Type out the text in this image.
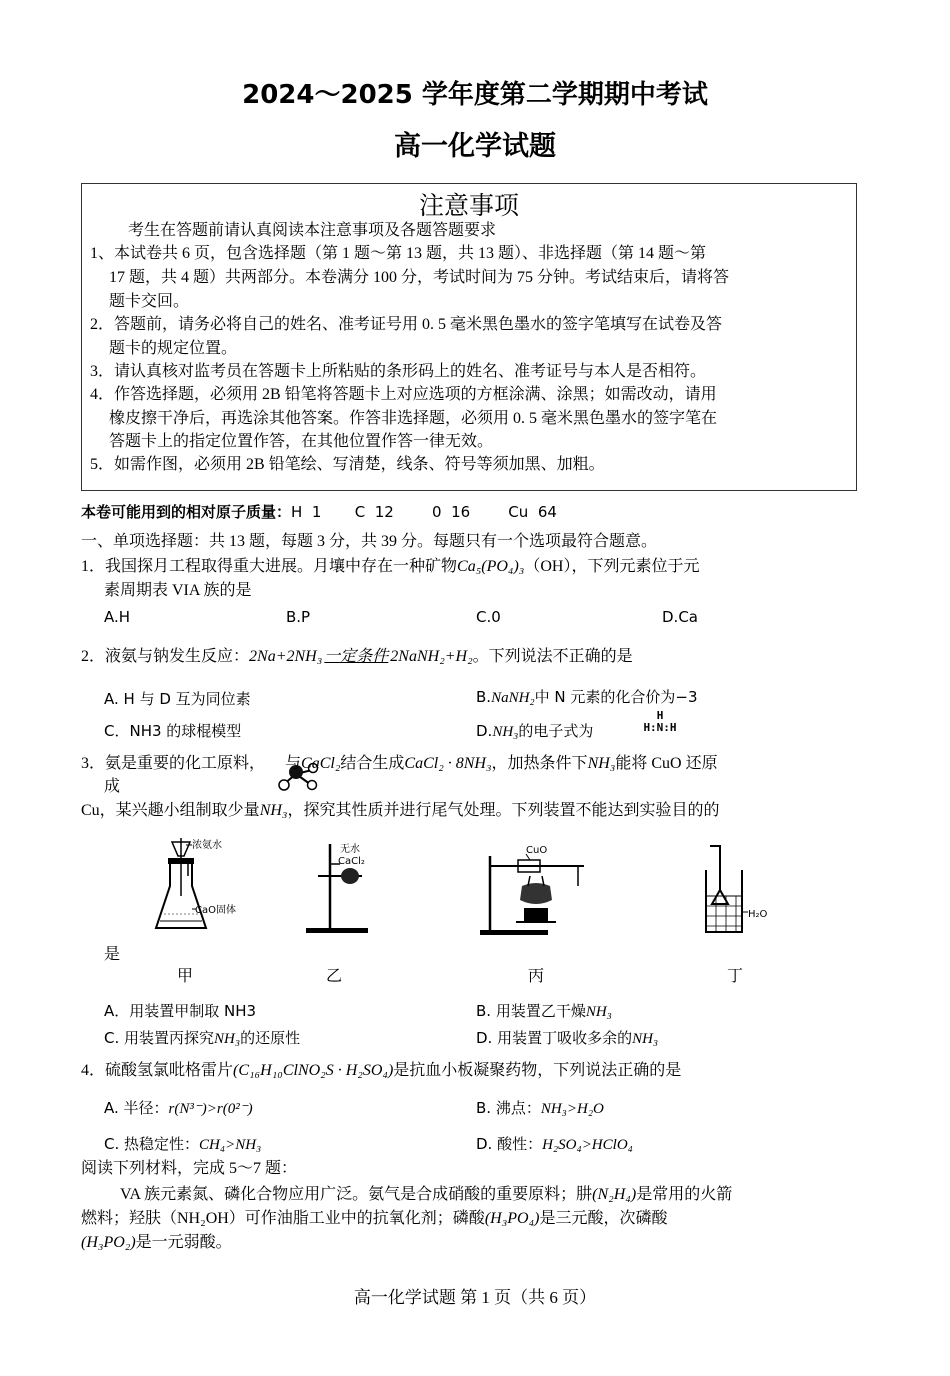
2024～2025 学年度第二学期期中考试
高一化学试题
注意事项
考生在答题前请认真阅读本注意事项及各题答题要求
1、本试卷共 6 页，包含选择题（第 1 题～第 13 题，共 13 题）、非选择题（第 14 题～第
17 题，共 4 题）共两部分。本卷满分 100 分，考试时间为 75 分钟。考试结束后，请将答
题卡交回。
2．答题前，请务必将自己的姓名、准考证号用 0. 5 毫米黑色墨水的签字笔填写在试卷及答
题卡的规定位置。
3．请认真核对监考员在答题卡上所粘贴的条形码上的姓名、准考证号与本人是否相符。
4．作答选择题，必须用 2B 铅笔将答题卡上对应选项的方框涂满、涂黑；如需改动，请用
橡皮擦干净后，再选涂其他答案。作答非选择题，必须用 0. 5 毫米黑色墨水的签字笔在
答题卡上的指定位置作答，在其他位置作答一律无效。
5．如需作图，必须用 2B 铅笔绘、写清楚，线条、符号等须加黑、加粗。
本卷可能用到的相对原子质量：H  1       C  12        0  16        Cu  64
一、单项选择题：共 13 题，每题 3 分，共 39 分。每题只有一个选项最符合题意。
1．我国探月工程取得重大进展。月壤中存在一种矿物Ca₅(PO₄)₃（OH），下列元素位于元
素周期表 VIA 族的是
A.H	B.P	C.0	D.Ca
2．液氨与钠发生反应：2Na+2NH₃ 一定条件 2NaNH₂+H₂。下列说法不正确的是
A. H 与 D 互为同位素	B.NaNH₂中 N 元素的化合价为−3
C．NH3 的球棍模型	D.NH₃的电子式为
H
H:N:H
3．氨是重要的化工原料， 与CaCl₂结合生成CaCl₂ · 8NH₃，加热条件下NH₃能将 CuO 还原
成
Cu，某兴趣小组制取少量NH₃，探究其性质并进行尾气处理。下列装置不能达到实验目的的
浓氨水
CaO固体
无水
CaCl₂
CuO
H₂O
是
甲	乙	丙	丁
A．用装置甲制取 NH3	B. 用装置乙干燥NH₃
C. 用装置丙探究NH₃的还原性	D. 用装置丁吸收多余的NH₃
4．硫酸氢氯吡格雷片(C₁₆H₁₀ClNO₂S · H₂SO₄)是抗血小板凝聚药物，下列说法正确的是
A. 半径：r(N³⁻)>r(0²⁻)	B. 沸点：NH₃>H₂O
C. 热稳定性：CH₄>NH₃	D. 酸性：H₂SO₄>HClO₄
阅读下列材料，完成 5～7 题：
VA 族元素氮、磷化合物应用广泛。氨气是合成硝酸的重要原料；肼(N₂H₄)是常用的火箭
燃料；羟肤（NH₂OH）可作油脂工业中的抗氧化剂；磷酸(H₃PO₄)是三元酸，次磷酸
(H₃PO₂)是一元弱酸。
高一化学试题 第 1 页（共 6 页）
